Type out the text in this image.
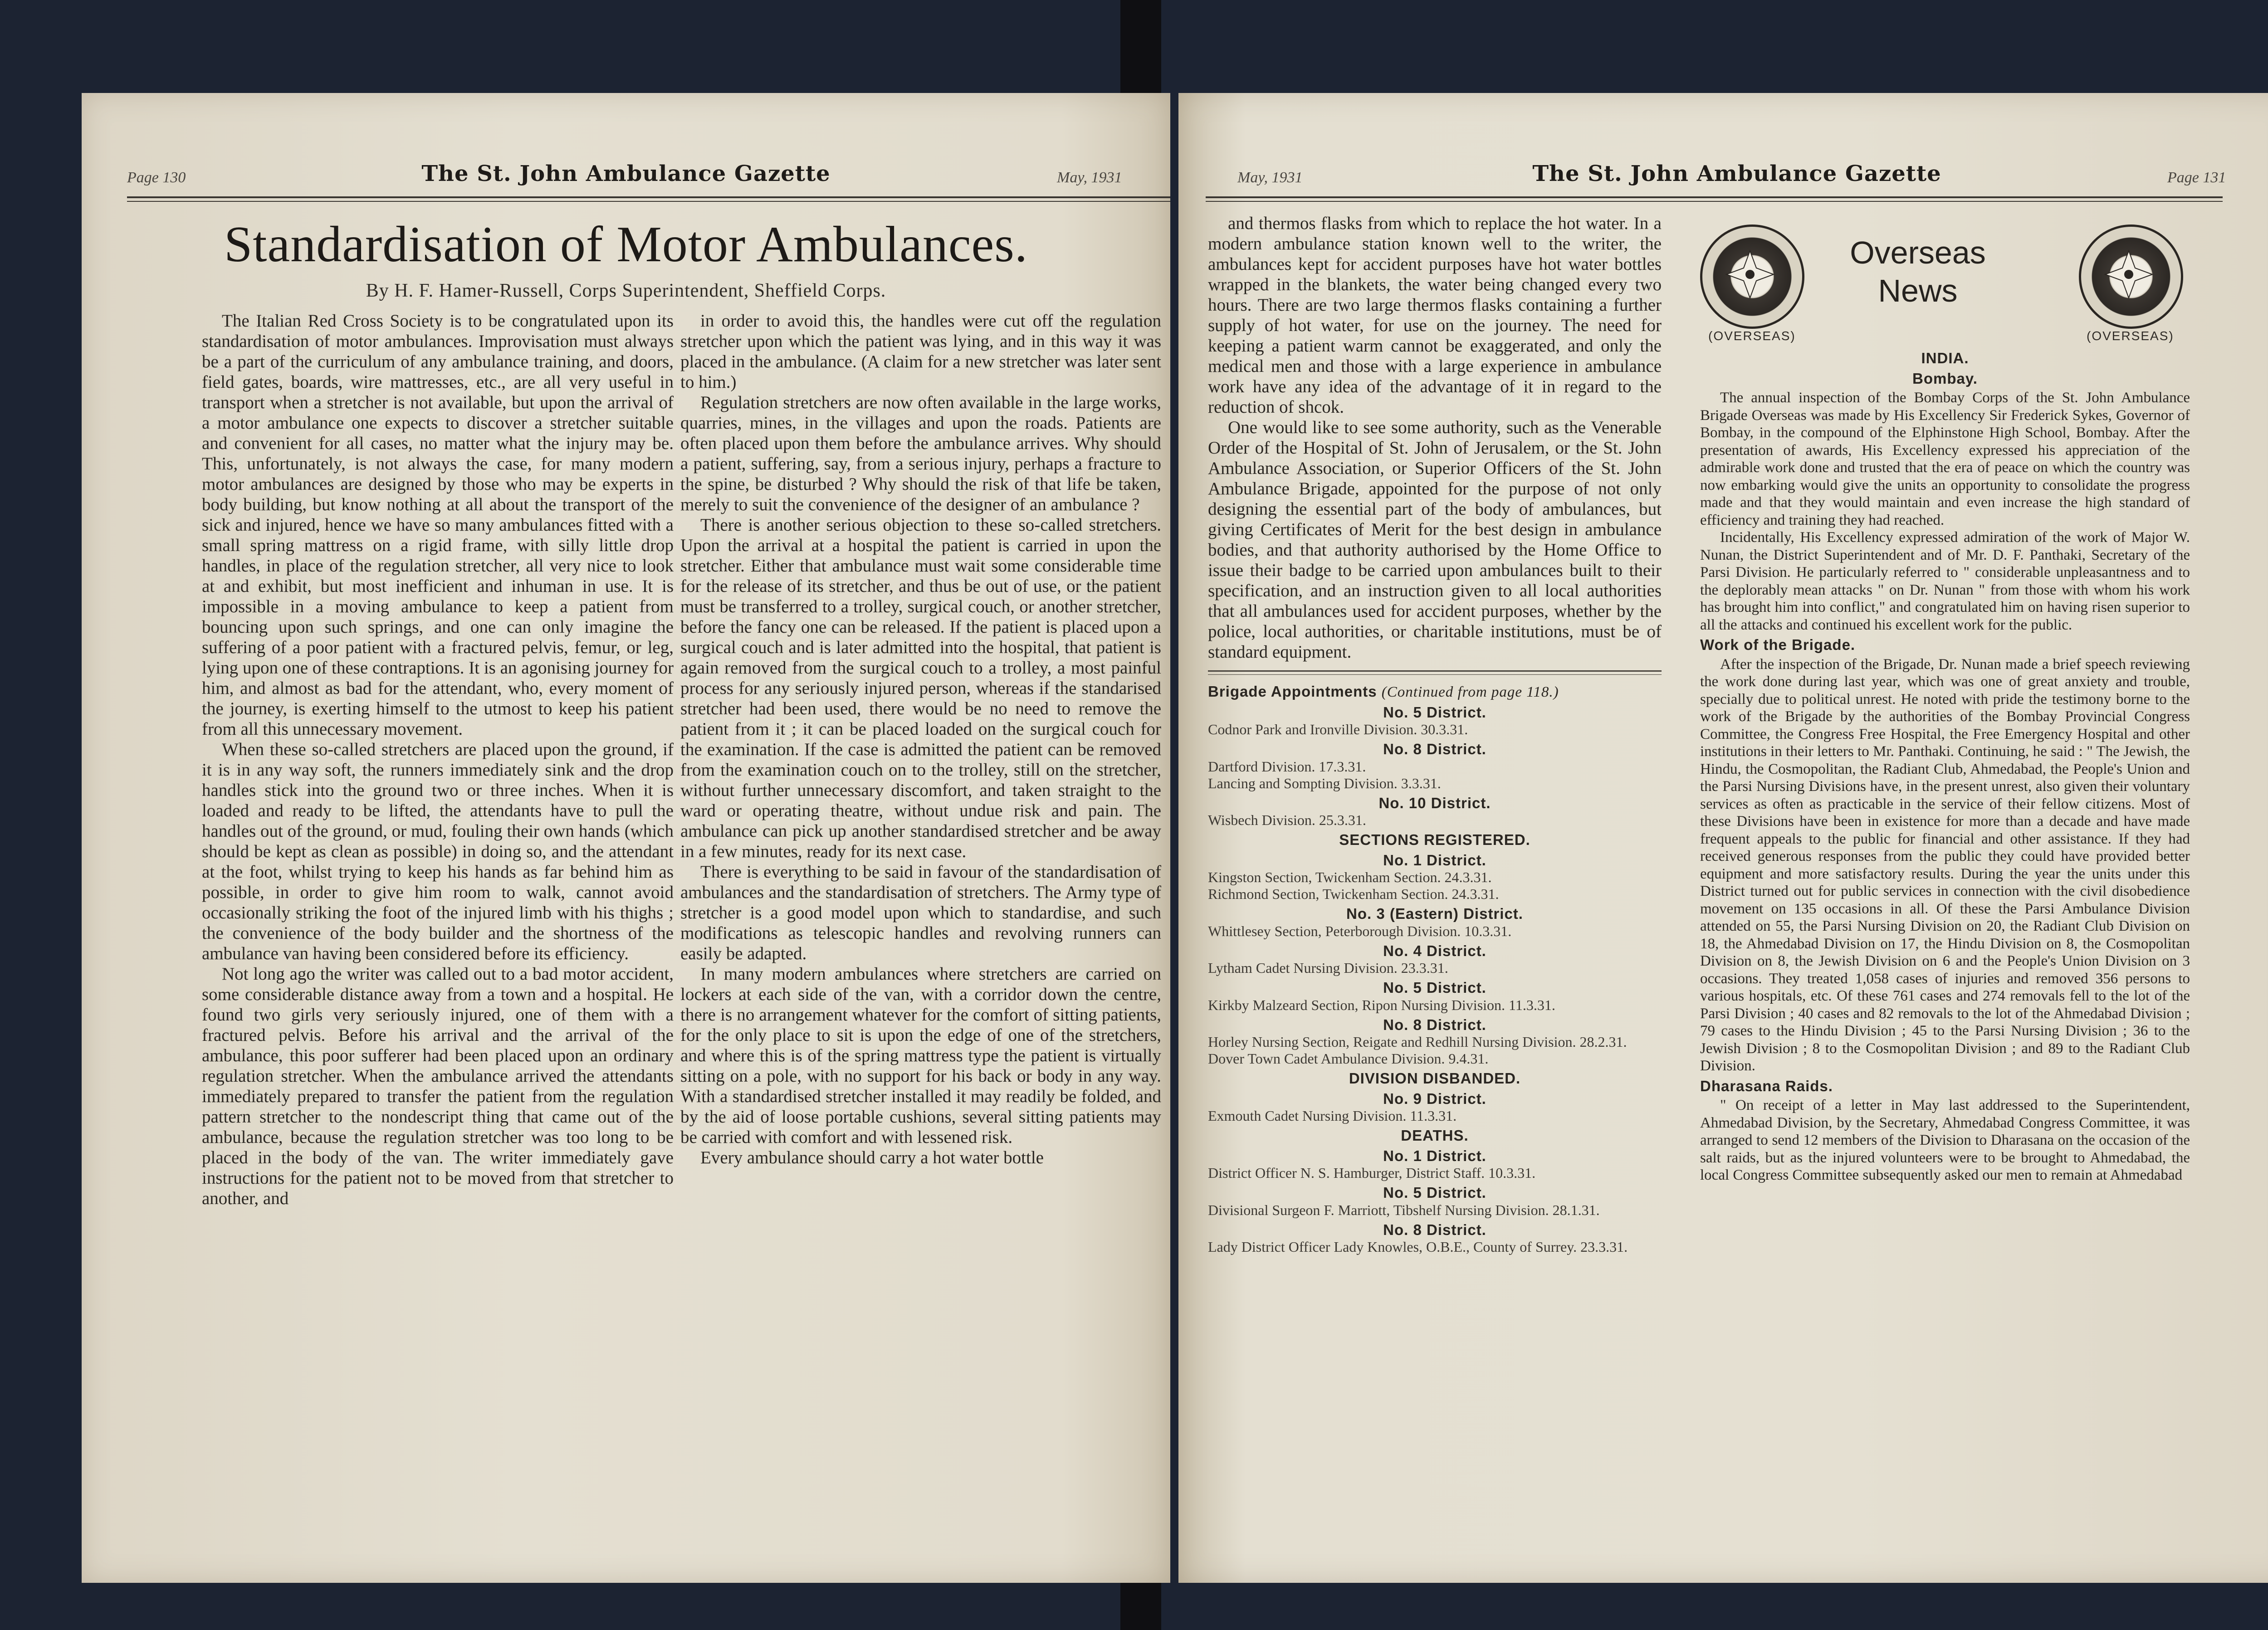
Page 130	The St. John Ambulance Gazette	May, 1931
Standardisation of Motor Ambulances.
By H. F. Hamer-Russell, Corps Superintendent, Sheffield Corps.

The Italian Red Cross Society is to be congratulated upon its standardisation of motor ambulances. Improvisation must always be a part of the curriculum of any ambulance training, and doors, field gates, boards, wire mattresses, etc., are all very useful in transport when a stretcher is not available, but upon the arrival of a motor ambulance one expects to discover a stretcher suitable and convenient for all cases, no matter what the injury may be. This, unfortunately, is not always the case, for many modern motor ambulances are designed by those who may be experts in body building, but know nothing at all about the transport of the sick and injured, hence we have so many ambulances fitted with a small spring mattress on a rigid frame, with silly little drop handles, in place of the regulation stretcher, all very nice to look at and exhibit, but most inefficient and inhuman in use. It is impossible in a moving ambulance to keep a patient from bouncing upon such springs, and one can only imagine the suffering of a poor patient with a fractured pelvis, femur, or leg, lying upon one of these contraptions. It is an agonising journey for him, and almost as bad for the attendant, who, every moment of the journey, is exerting himself to the utmost to keep his patient from all this unnecessary movement.

When these so-called stretchers are placed upon the ground, if it is in any way soft, the runners immediately sink and the drop handles stick into the ground two or three inches. When it is loaded and ready to be lifted, the attendants have to pull the handles out of the ground, or mud, fouling their own hands (which should be kept as clean as possible) in doing so, and the attendant at the foot, whilst trying to keep his hands as far behind him as possible, in order to give him room to walk, cannot avoid occasionally striking the foot of the injured limb with his thighs ; the convenience of the body builder and the shortness of the ambulance van having been considered before its efficiency.

Not long ago the writer was called out to a bad motor accident, some considerable distance away from a town and a hospital. He found two girls very seriously injured, one of them with a fractured pelvis. Before his arrival and the arrival of the ambulance, this poor sufferer had been placed upon an ordinary regulation stretcher. When the ambulance arrived the attendants immediately prepared to transfer the patient from the regulation pattern stretcher to the nondescript thing that came out of the ambulance, because the regulation stretcher was too long to be placed in the body of the van. The writer immediately gave instructions for the patient not to be moved from that stretcher to another, and

in order to avoid this, the handles were cut off the regulation stretcher upon which the patient was lying, and in this way it was placed in the ambulance. (A claim for a new stretcher was later sent to him.)

Regulation stretchers are now often available in the large works, quarries, mines, in the villages and upon the roads. Patients are often placed upon them before the ambulance arrives. Why should a patient, suffering, say, from a serious injury, perhaps a fracture to the spine, be disturbed ? Why should the risk of that life be taken, merely to suit the convenience of the designer of an ambulance ?

There is another serious objection to these so-called stretchers. Upon the arrival at a hospital the patient is carried in upon the stretcher. Either that ambulance must wait some considerable time for the release of its stretcher, and thus be out of use, or the patient must be transferred to a trolley, surgical couch, or another stretcher, before the fancy one can be released. If the patient is placed upon a surgical couch and is later admitted into the hospital, that patient is again removed from the surgical couch to a trolley, a most painful process for any seriously injured person, whereas if the standarised stretcher had been used, there would be no need to remove the patient from it ; it can be placed loaded on the surgical couch for the examination. If the case is admitted the patient can be removed from the examination couch on to the trolley, still on the stretcher, without further unnecessary discomfort, and taken straight to the ward or operating theatre, without undue risk and pain. The ambulance can pick up another standardised stretcher and be away in a few minutes, ready for its next case.

There is everything to be said in favour of the standardisation of ambulances and the standardisation of stretchers. The Army type of stretcher is a good model upon which to standardise, and such modifications as telescopic handles and revolving runners can easily be adapted.

In many modern ambulances where stretchers are carried on lockers at each side of the van, with a corridor down the centre, there is no arrangement whatever for the comfort of sitting patients, for the only place to sit is upon the edge of one of the stretchers, and where this is of the spring mattress type the patient is virtually sitting on a pole, with no support for his back or body in any way. With a standardised stretcher installed it may readily be folded, and by the aid of loose portable cushions, several sitting patients may be carried with comfort and with lessened risk.

Every ambulance should carry a hot water bottle

May, 1931	The St. John Ambulance Gazette	Page 131

and thermos flasks from which to replace the hot water. In a modern ambulance station known well to the writer, the ambulances kept for accident purposes have hot water bottles wrapped in the blankets, the water being changed every two hours. There are two large thermos flasks containing a further supply of hot water, for use on the journey. The need for keeping a patient warm cannot be exaggerated, and only the medical men and those with a large experience in ambulance work have any idea of the advantage of it in regard to the reduction of shcok.

One would like to see some authority, such as the Venerable Order of the Hospital of St. John of Jerusalem, or the St. John Ambulance Association, or Superior Officers of the St. John Ambulance Brigade, appointed for the purpose of not only designing the essential part of the body of ambulances, but giving Certificates of Merit for the best design in ambulance bodies, and that authority authorised by the Home Office to issue their badge to be carried upon ambulances built to their specification, and an instruction given to all local authorities that all ambulances used for accident purposes, whether by the police, local authorities, or charitable institutions, must be of standard equipment.

Brigade Appointments (Continued from page 118.)
No. 5 District.
Codnor Park and Ironville Division. 30.3.31.
No. 8 District.
Dartford Division. 17.3.31.
Lancing and Sompting Division. 3.3.31.
No. 10 District.
Wisbech Division. 25.3.31.
SECTIONS REGISTERED.
No. 1 District.
Kingston Section, Twickenham Section. 24.3.31.
Richmond Section, Twickenham Section. 24.3.31.
No. 3 (Eastern) District.
Whittlesey Section, Peterborough Division. 10.3.31.
No. 4 District.
Lytham Cadet Nursing Division. 23.3.31.
No. 5 District.
Kirkby Malzeard Section, Ripon Nursing Division. 11.3.31.
No. 8 District.
Horley Nursing Section, Reigate and Redhill Nursing Division. 28.2.31.
Dover Town Cadet Ambulance Division. 9.4.31.
DIVISION DISBANDED.
No. 9 District.
Exmouth Cadet Nursing Division. 11.3.31.
DEATHS.
No. 1 District.
District Officer N. S. Hamburger, District Staff. 10.3.31.
No. 5 District.
Divisional Surgeon F. Marriott, Tibshelf Nursing Division. 28.1.31.
No. 8 District.
Lady District Officer Lady Knowles, O.B.E., County of Surrey. 23.3.31.
(OVERSEAS)
Overseas
News
(OVERSEAS)
INDIA.
Bombay.

The annual inspection of the Bombay Corps of the St. John Ambulance Brigade Overseas was made by His Excellency Sir Frederick Sykes, Governor of Bombay, in the compound of the Elphinstone High School, Bombay. After the presentation of awards, His Excellency expressed his appreciation of the admirable work done and trusted that the era of peace on which the country was now embarking would give the units an opportunity to consolidate the progress made and that they would maintain and even increase the high standard of efficiency and training they had reached.

Incidentally, His Excellency expressed admiration of the work of Major W. Nunan, the District Superintendent and of Mr. D. F. Panthaki, Secretary of the Parsi Division. He particularly referred to " considerable unpleasantness and to the deplorably mean attacks " on Dr. Nunan " from those with whom his work has brought him into conflict," and congratulated him on having risen superior to all the attacks and continued his excellent work for the public.

Work of the Brigade.

After the inspection of the Brigade, Dr. Nunan made a brief speech reviewing the work done during last year, which was one of great anxiety and trouble, specially due to political unrest. He noted with pride the testimony borne to the work of the Brigade by the authorities of the Bombay Provincial Congress Committee, the Congress Free Hospital, the Free Emergency Hospital and other institutions in their letters to Mr. Panthaki. Continuing, he said : " The Jewish, the Hindu, the Cosmopolitan, the Radiant Club, Ahmedabad, the People's Union and the Parsi Nursing Divisions have, in the present unrest, also given their voluntary services as often as practicable in the service of their fellow citizens. Most of these Divisions have been in existence for more than a decade and have made frequent appeals to the public for financial and other assistance. If they had received generous responses from the public they could have provided better equipment and more satisfactory results. During the year the units under this District turned out for public services in connection with the civil disobedience movement on 135 occasions in all. Of these the Parsi Ambulance Division attended on 55, the Parsi Nursing Division on 20, the Radiant Club Division on 18, the Ahmedabad Division on 17, the Hindu Division on 8, the Cosmopolitan Division on 8, the Jewish Division on 6 and the People's Union Division on 3 occasions. They treated 1,058 cases of injuries and removed 356 persons to various hospitals, etc. Of these 761 cases and 274 removals fell to the lot of the Parsi Division ; 40 cases and 82 removals to the lot of the Ahmedabad Division ; 79 cases to the Hindu Division ; 45 to the Parsi Nursing Division ; 36 to the Jewish Division ; 8 to the Cosmopolitan Division ; and 89 to the Radiant Club Division.

Dharasana Raids.

" On receipt of a letter in May last addressed to the Superintendent, Ahmedabad Division, by the Secretary, Ahmedabad Congress Committee, it was arranged to send 12 members of the Division to Dharasana on the occasion of the salt raids, but as the injured volunteers were to be brought to Ahmedabad, the local Congress Committee subsequently asked our men to remain at Ahmedabad
